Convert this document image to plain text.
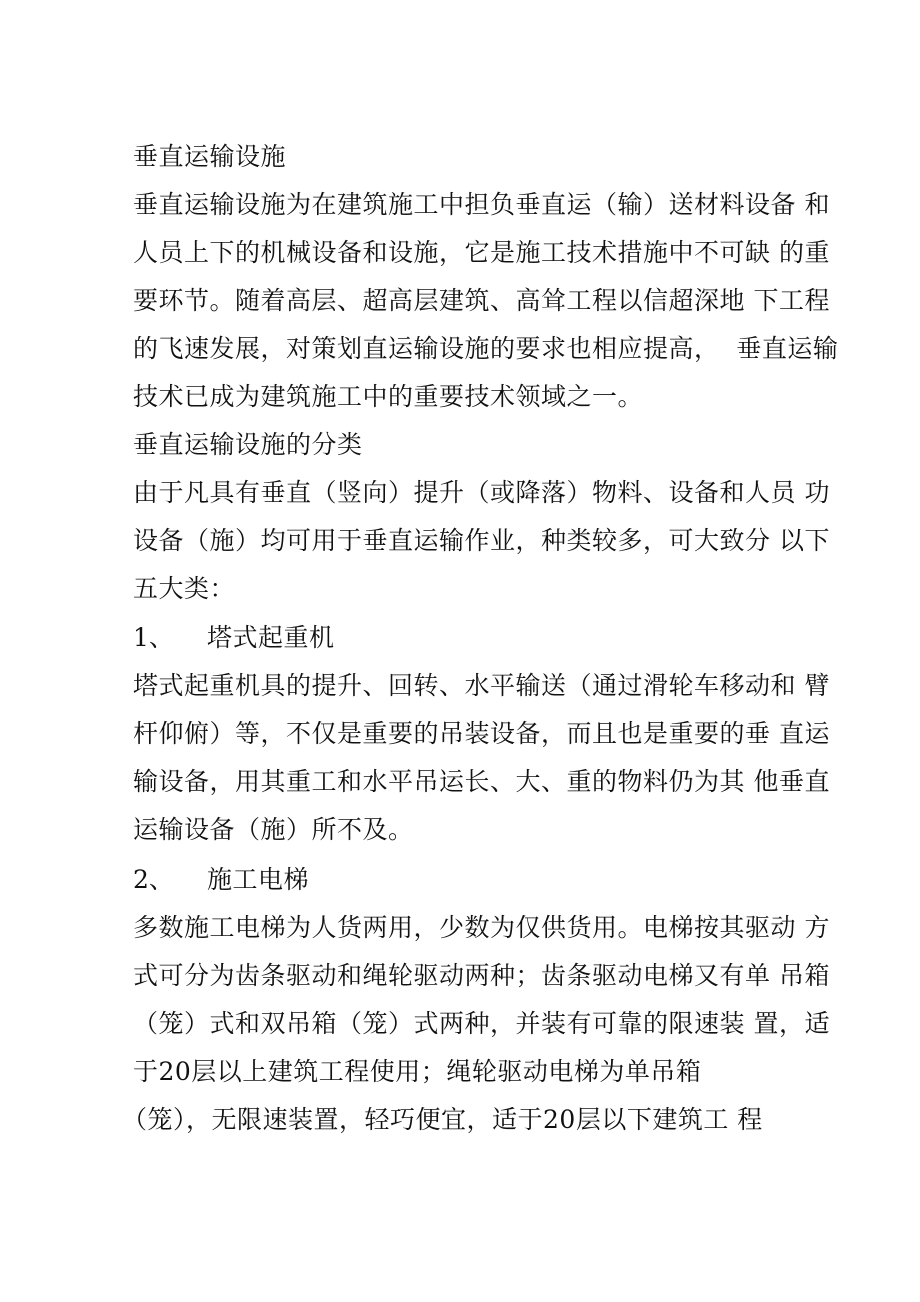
垂直运输设施
垂直运输设施为在建筑施工中担负垂直运（输）送材料设备 和
人员上下的机械设备和设施，它是施工技术措施中不可缺 的重
要环节。随着高层、超高层建筑、高耸工程以信超深地 下工程
的飞速发展，对策划直运输设施的要求也相应提高，  垂直运输
技术已成为建筑施工中的重要技术领域之一。
垂直运输设施的分类
由于凡具有垂直（竖向）提升（或降落）物料、设备和人员 功
设备（施）均可用于垂直运输作业，种类较多，可大致分 以下
五大类：
1、 塔式起重机
塔式起重机具的提升、回转、水平输送（通过滑轮车移动和 臂
杆仰俯）等，不仅是重要的吊装设备，而且也是重要的垂 直运
输设备，用其重工和水平吊运长、大、重的物料仍为其 他垂直
运输设备（施）所不及。
2、 施工电梯
多数施工电梯为人货两用，少数为仅供货用。电梯按其驱动 方
式可分为齿条驱动和绳轮驱动两种；齿条驱动电梯又有单 吊箱
（笼）式和双吊箱（笼）式两种，并装有可靠的限速装 置，适
于20层以上建筑工程使用；绳轮驱动电梯为单吊箱
（笼），无限速装置，轻巧便宜，适于20层以下建筑工 程
